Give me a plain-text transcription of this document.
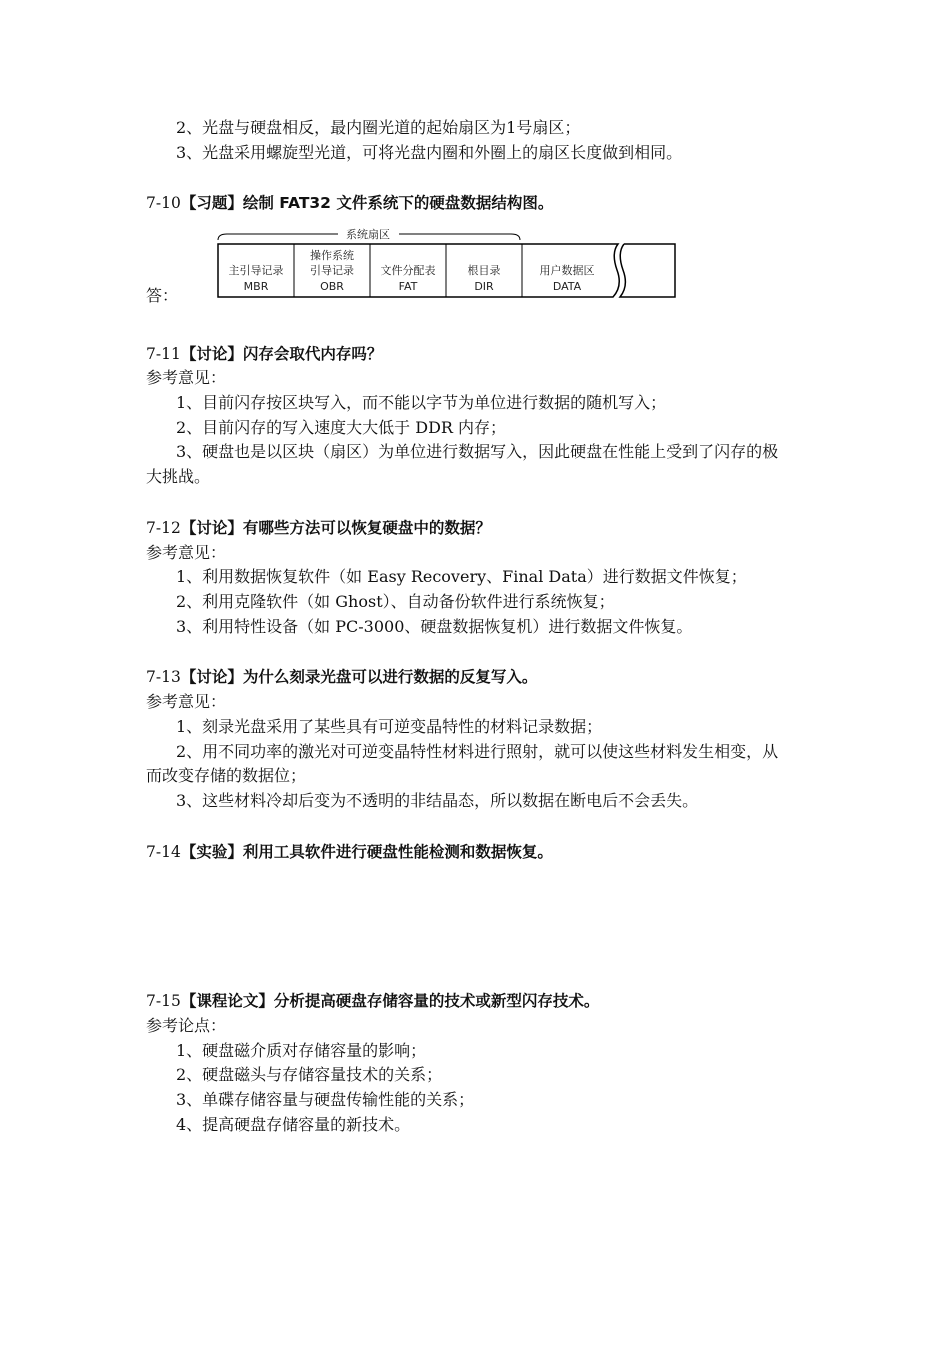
2、光盘与硬盘相反，最内圈光道的起始扇区为1号扇区；
3、光盘采用螺旋型光道，可将光盘内圈和外圈上的扇区长度做到相同。
7-10【习题】绘制 FAT32 文件系统下的硬盘数据结构图。
答：
系统扇区
主引导记录
MBR
操作系统
引导记录
OBR
文件分配表
FAT
根目录
DIR
用户数据区
DATA
7-11【讨论】闪存会取代内存吗？
参考意见：
1、目前闪存按区块写入，而不能以字节为单位进行数据的随机写入；
2、目前闪存的写入速度大大低于 DDR 内存；
3、硬盘也是以区块（扇区）为单位进行数据写入，因此硬盘在性能上受到了闪存的极
大挑战。
7-12【讨论】有哪些方法可以恢复硬盘中的数据？
参考意见：
1、利用数据恢复软件（如 Easy Recovery、Final Data）进行数据文件恢复；
2、利用克隆软件（如 Ghost）、自动备份软件进行系统恢复；
3、利用特性设备（如 PC-3000、硬盘数据恢复机）进行数据文件恢复。
7-13【讨论】为什么刻录光盘可以进行数据的反复写入。
参考意见：
1、刻录光盘采用了某些具有可逆变晶特性的材料记录数据；
2、用不同功率的激光对可逆变晶特性材料进行照射，就可以使这些材料发生相变，从
而改变存储的数据位；
3、这些材料冷却后变为不透明的非结晶态，所以数据在断电后不会丢失。
7-14【实验】利用工具软件进行硬盘性能检测和数据恢复。
7-15【课程论文】分析提高硬盘存储容量的技术或新型闪存技术。
参考论点：
1、硬盘磁介质对存储容量的影响；
2、硬盘磁头与存储容量技术的关系；
3、单碟存储容量与硬盘传输性能的关系；
4、提高硬盘存储容量的新技术。
